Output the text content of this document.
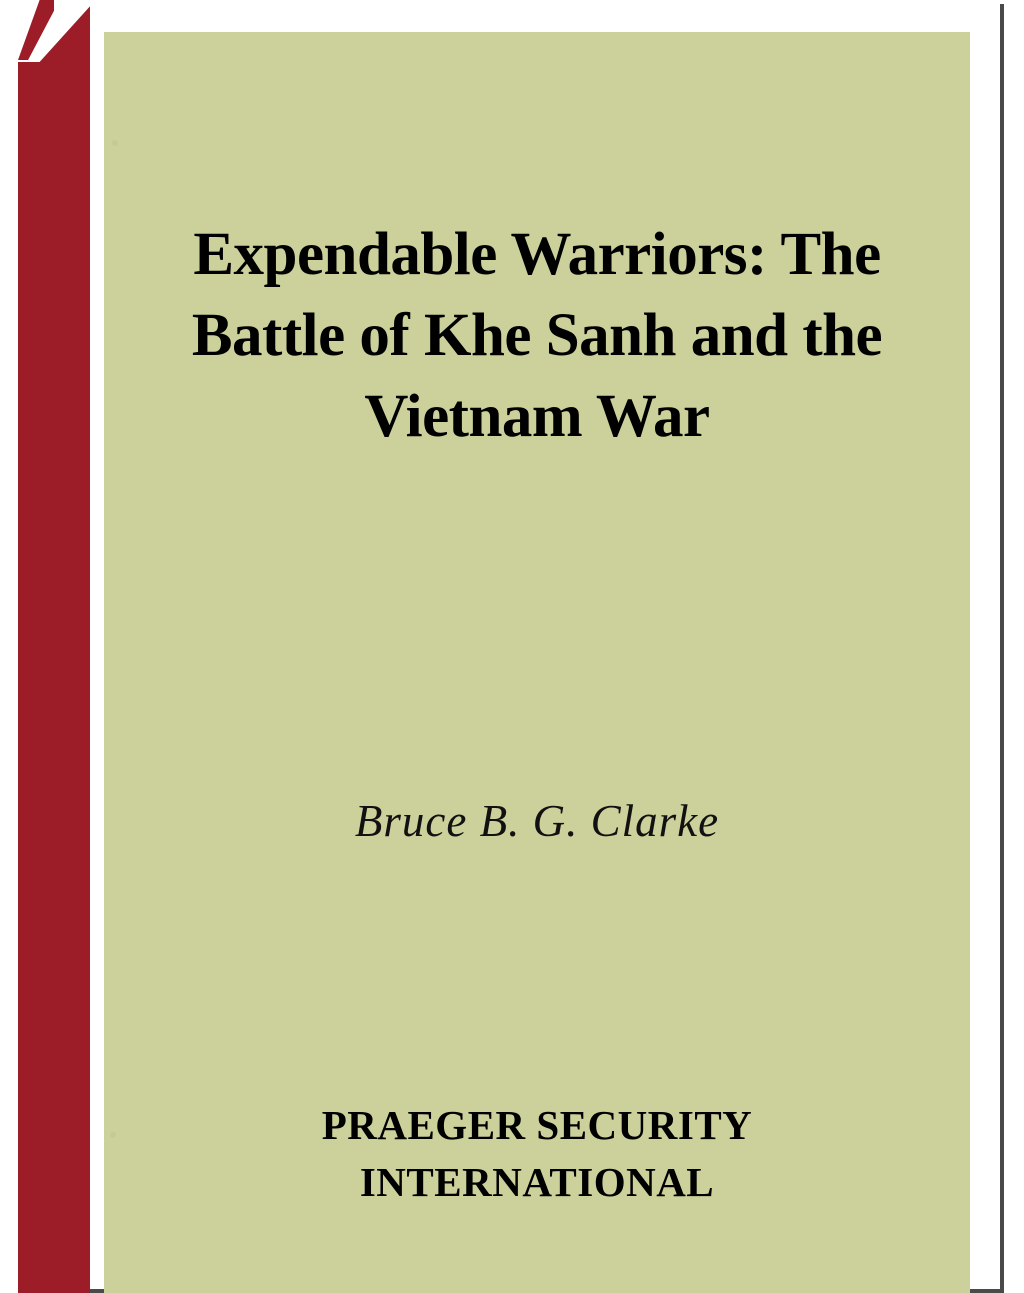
Expendable Warriors: The Battle of Khe Sanh and the Vietnam War
Bruce B. G. Clarke
PRAEGER SECURITY
INTERNATIONAL
